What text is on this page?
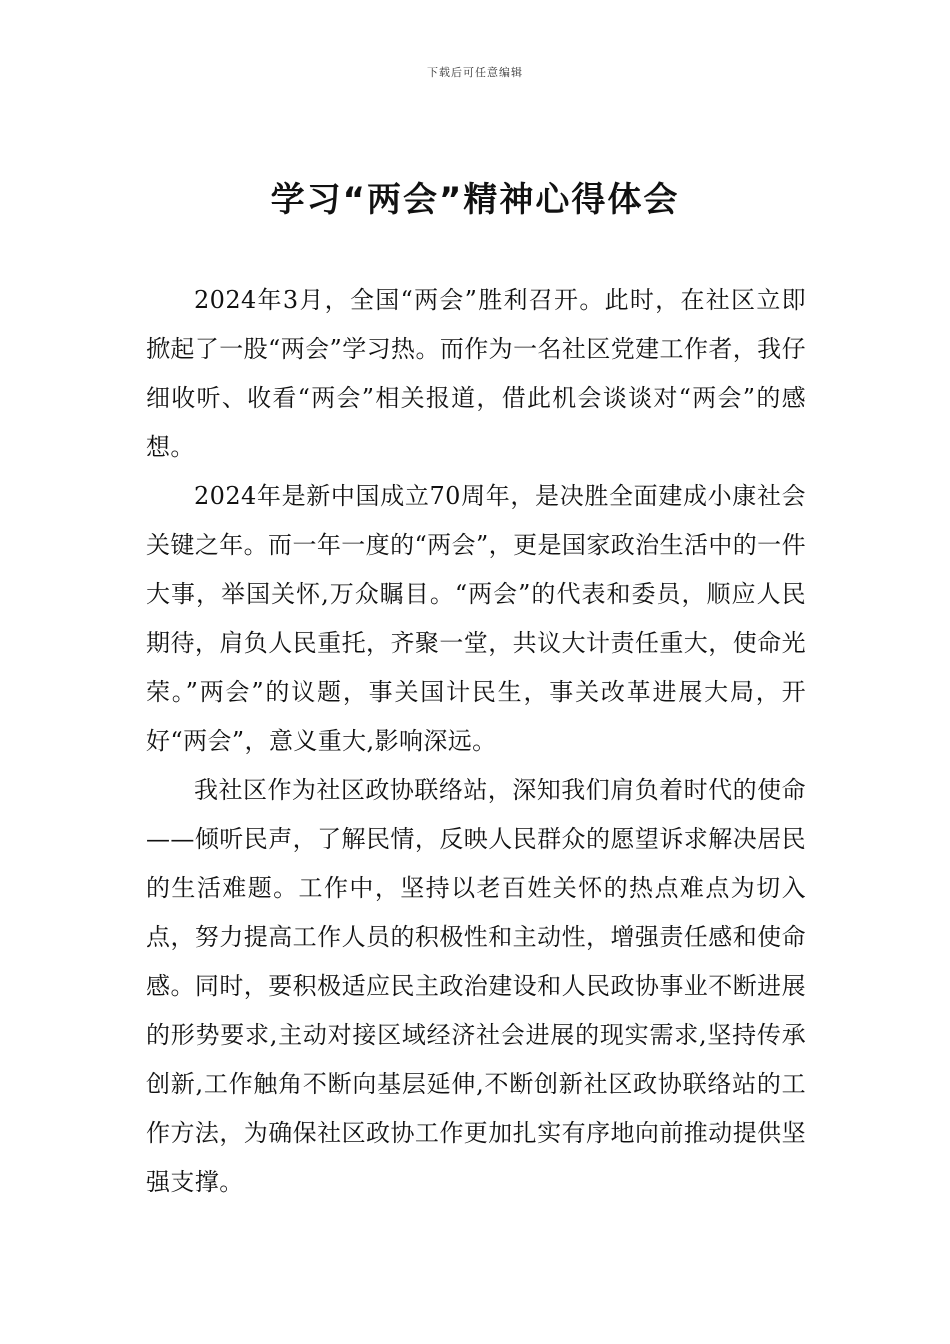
下载后可任意编辑
学习“两会”精神心得体会

2024年3月，全国“两会”胜利召开。此时，在社区立即掀起了一股“两会”学习热。而作为一名社区党建工作者，我仔细收听、收看“两会”相关报道，借此机会谈谈对“两会”的感想。

2024年是新中国成立70周年，是决胜全面建成小康社会关键之年。而一年一度的“两会”，更是国家政治生活中的一件大事，举国关怀,万众瞩目。“两会”的代表和委员，顺应人民期待，肩负人民重托，齐聚一堂，共议大计责任重大，使命光荣。”两会”的议题，事关国计民生，事关改革进展大局，开好“两会”，意义重大,影响深远。

我社区作为社区政协联络站，深知我们肩负着时代的使命——倾听民声，了解民情，反映人民群众的愿望诉求解决居民的生活难题。工作中，坚持以老百姓关怀的热点难点为切入点，努力提高工作人员的积极性和主动性，增强责任感和使命感。同时，要积极适应民主政治建设和人民政协事业不断进展的形势要求,主动对接区域经济社会进展的现实需求,坚持传承创新,工作触角不断向基层延伸,不断创新社区政协联络站的工作方法，为确保社区政协工作更加扎实有序地向前推动提供坚强支撑。
